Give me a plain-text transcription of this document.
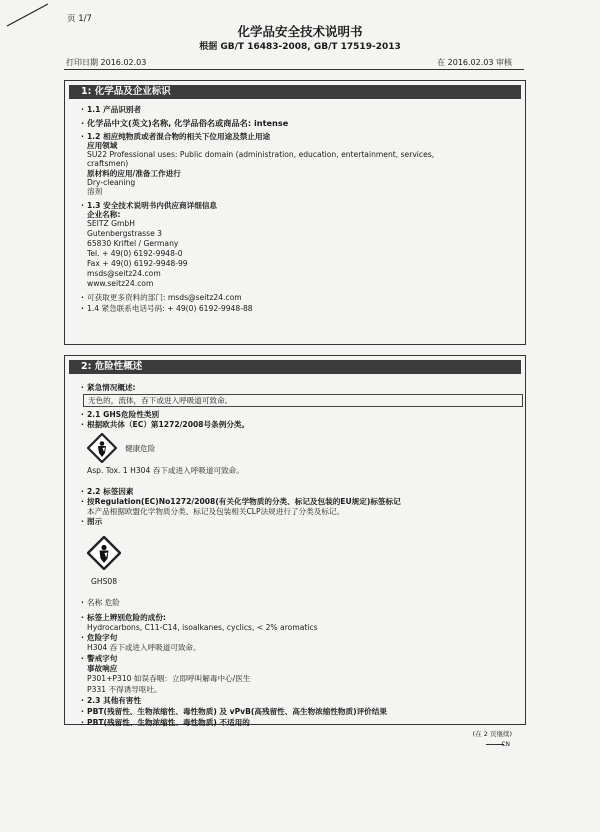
页 1/7
化学品安全技术说明书
根据 GB/T 16483-2008, GB/T 17519-2013
打印日期 2016.02.03	在 2016.02.03 审核
1: 化学品及企业标识
· 1.1 产品识别者
· 化学品中文(英文)名称, 化学品俗名或商品名: intense
· 1.2 相应纯物质或者混合物的相关下位用途及禁止用途
应用领域
SU22 Professional uses: Public domain (administration, education, entertainment, services,
craftsmen)
原材料的应用/准备工作进行
Dry-cleaning
溶剂
· 1.3 安全技术说明书内供应商详细信息
企业名称:
SEITZ GmbH
Gutenbergstrasse 3
65830 Kriftel / Germany
Tel. + 49(0) 6192-9948-0
Fax + 49(0) 6192-9948-99
msds@seitz24.com
www.seitz24.com
· 可获取更多资料的部门: msds@seitz24.com
· 1.4 紧急联系电话号码: + 49(0) 6192-9948-88
2: 危险性概述
· 紧急情况概述:
无色的，流体，吞下或进入呼吸道可致命。
· 2.1 GHS危险性类别
· 根据欧共体（EC）第1272/2008号条例分类。
健康危险
Asp. Tox. 1 H304 吞下或进入呼吸道可致命。
· 2.2 标签因素
· 按Regulation(EC)No1272/2008(有关化学物质的分类、标记及包装的EU规定)标签标记
本产品根据欧盟化学物质分类、标记及包装相关CLP法规进行了分类及标记。
· 图示
GHS08
· 名称 危险
· 标签上辨别危险的成份:
Hydrocarbons, C11-C14, isoalkanes, cyclics, < 2% aromatics
· 危险字句
H304 吞下或进入呼吸道可致命。
· 警戒字句
事故响应
P301+P310 如误吞咽：立即呼叫解毒中心/医生
P331 不得诱导呕吐。
· 2.3 其他有害性
· PBT(残留性、生物浓缩性、毒性物质) 及 vPvB(高残留性、高生物浓缩性物质)评价结果
· PBT(残留性、生物浓缩性、毒性物质) 不适用的
(在 2 页继续)
CN
